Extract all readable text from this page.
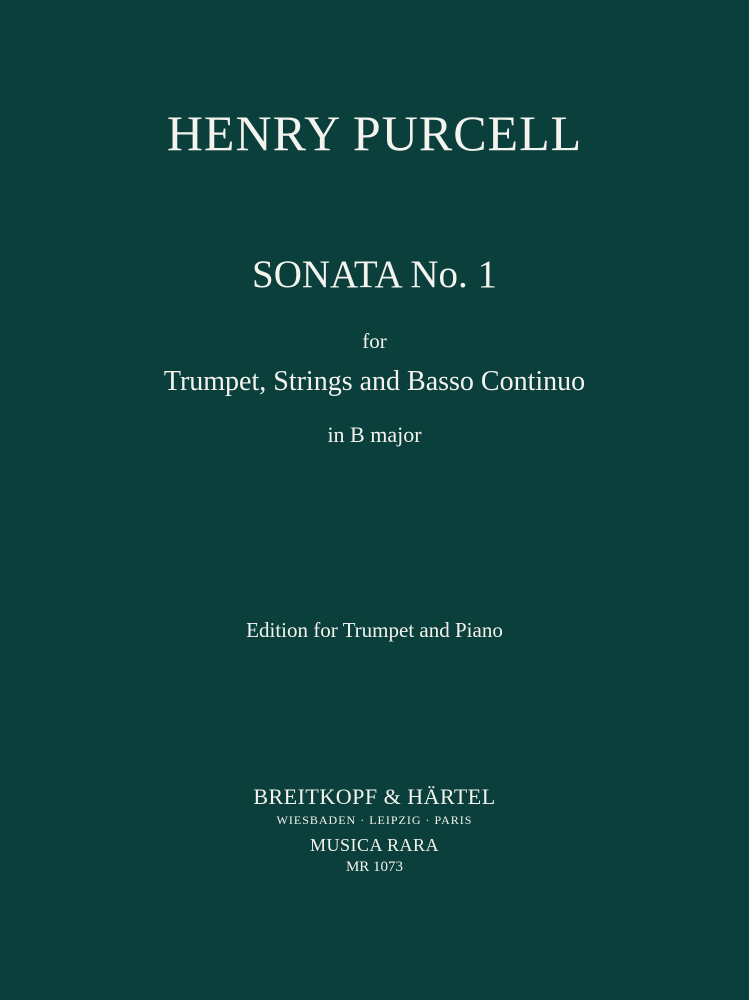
HENRY PURCELL
SONATA No. 1
for
Trumpet, Strings and Basso Continuo
in B major
Edition for Trumpet and Piano
BREITKOPF & HÄRTEL
WIESBADEN · LEIPZIG · PARIS
MUSICA RARA
MR 1073
